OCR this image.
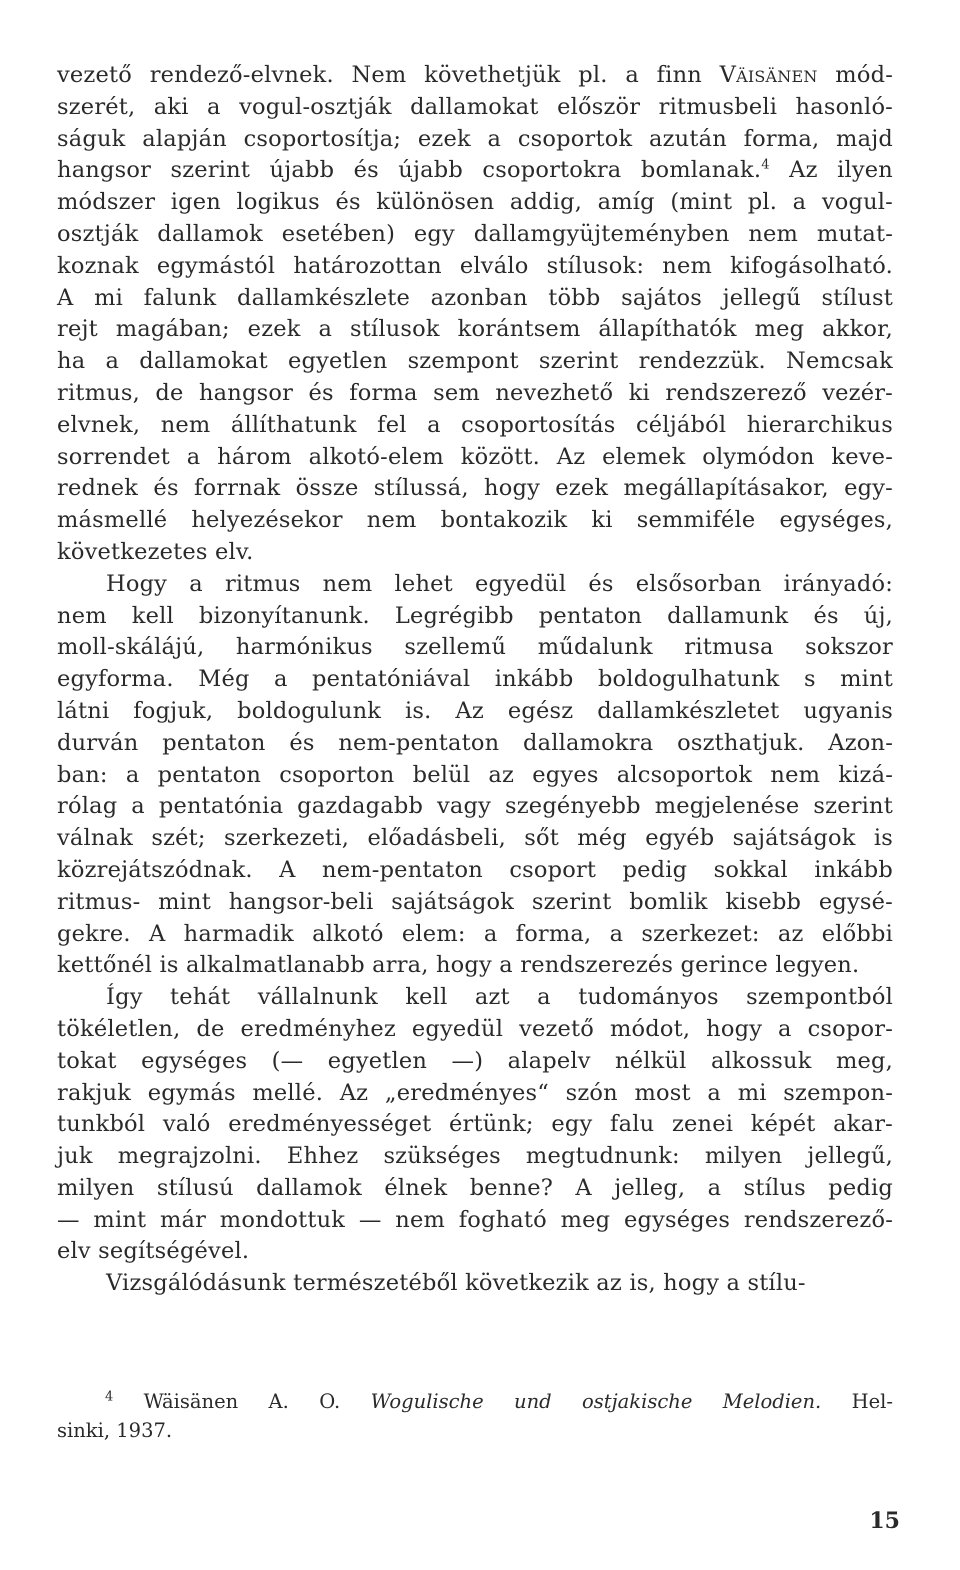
vezető rendező-elvnek. Nem követhetjük pl. a finn Väisänen mód-
szerét, aki a vogul-osztják dallamokat először ritmusbeli hasonló-
ságuk alapján csoportosítja; ezek a csoportok azután forma, majd
hangsor szerint újabb és újabb csoportokra bomlanak.$^4$ Az ilyen
módszer igen logikus és különösen addig, amíg (mint pl. a vogul-
osztják dallamok esetében) egy dallamgyüjteményben nem mutat-
koznak egymástól határozottan elválo stílusok: nem kifogásolható.
A mi falunk dallamkészlete azonban több sajátos jellegű stílust
rejt magában; ezek a stílusok korántsem állapíthatók meg akkor,
ha a dallamokat egyetlen szempont szerint rendezzük. Nemcsak
ritmus, de hangsor és forma sem nevezhető ki rendszerező vezér-
elvnek, nem állíthatunk fel a csoportosítás céljából hierarchikus
sorrendet a három alkotó-elem között. Az elemek olymódon keve-
rednek és forrnak össze stílussá, hogy ezek megállapításakor, egy-
másmellé helyezésekor nem bontakozik ki semmiféle egységes,
következetes elv.
Hogy a ritmus nem lehet egyedül és elsősorban irányadó:
nem kell bizonyítanunk. Legrégibb pentaton dallamunk és új,
moll-skálájú, harmónikus szellemű műdalunk ritmusa sokszor
egyforma. Még a pentatóniával inkább boldogulhatunk s mint
látni fogjuk, boldogulunk is. Az egész dallamkészletet ugyanis
durván pentaton és nem-pentaton dallamokra oszthatjuk. Azon-
ban: a pentaton csoporton belül az egyes alcsoportok nem kizá-
rólag a pentatónia gazdagabb vagy szegényebb megjelenése szerint
válnak szét; szerkezeti, előadásbeli, sőt még egyéb sajátságok is
közrejátszódnak. A nem-pentaton csoport pedig sokkal inkább
ritmus- mint hangsor-beli sajátságok szerint bomlik kisebb egysé-
gekre. A harmadik alkotó elem: a forma, a szerkezet: az előbbi
kettőnél is alkalmatlanabb arra, hogy a rendszerezés gerince legyen.
Így tehát vállalnunk kell azt a tudományos szempontból
tökéletlen, de eredményhez egyedül vezető módot, hogy a csopor-
tokat egységes (— egyetlen —) alapelv nélkül alkossuk meg,
rakjuk egymás mellé. Az „eredményes“ szón most a mi szempon-
tunkból való eredményességet értünk; egy falu zenei képét akar-
juk megrajzolni. Ehhez szükséges megtudnunk: milyen jellegű,
milyen stílusú dallamok élnek benne? A jelleg, a stílus pedig
— mint már mondottuk — nem fogható meg egységes rendszerező-
elv segítségével.
Vizsgálódásunk természetéből következik az is, hogy a stílu-
$^4$ Wäisänen A. O. Wogulische und ostjakische Melodien. Hel-
sinki, 1937.
15
